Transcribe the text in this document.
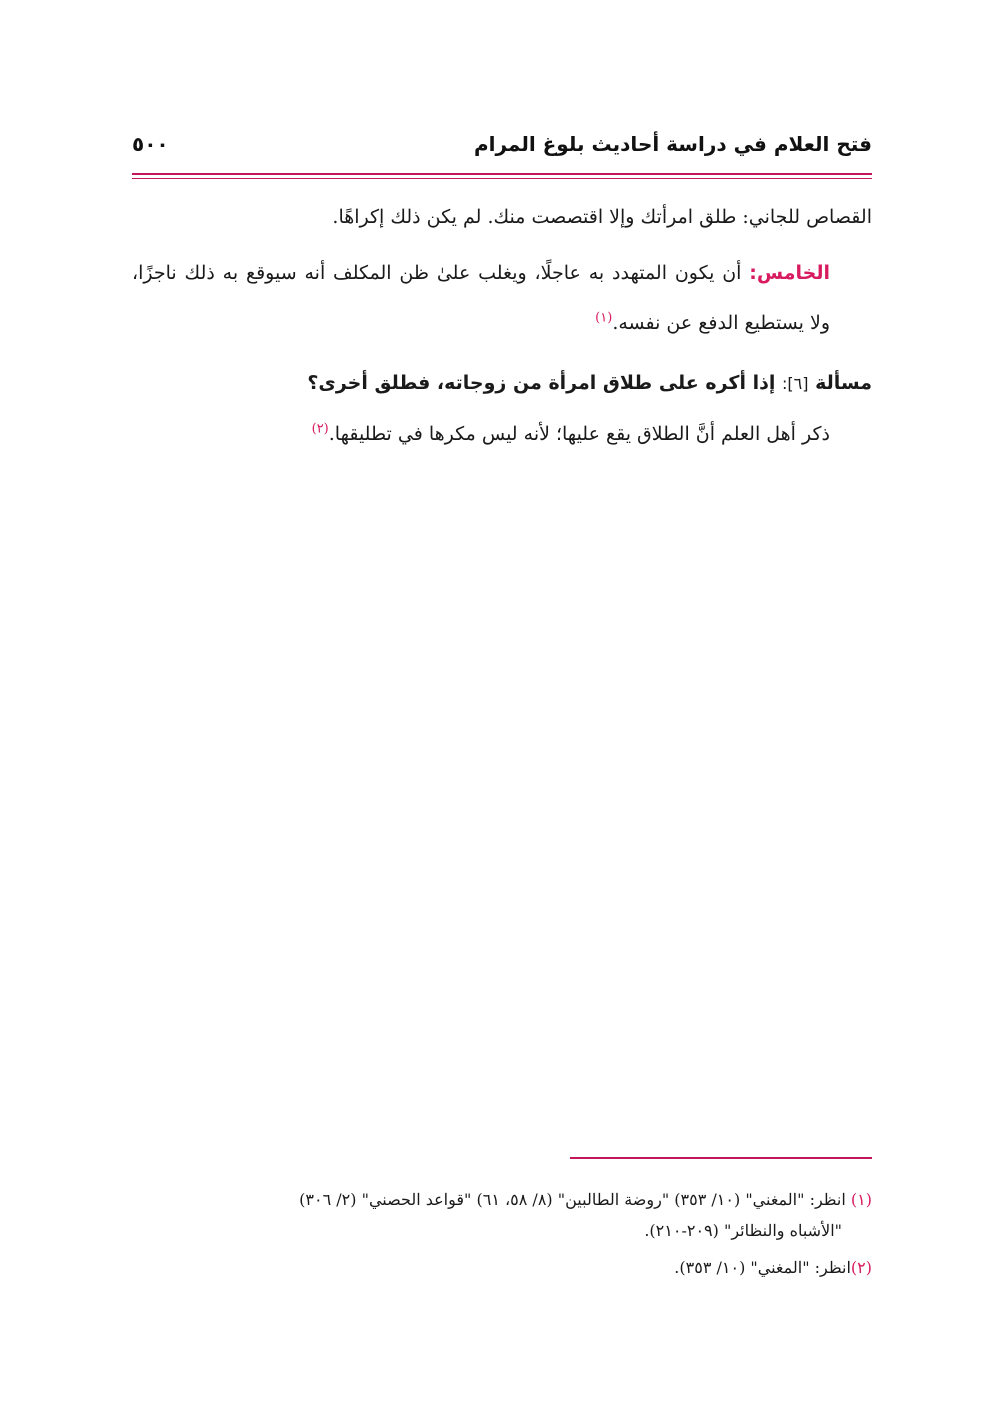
فتح العلام في دراسة أحاديث بلوغ المرام
٥٠٠

القصاص للجاني: طلق امرأتك وإلا اقتصصت منك. لم يكن ذلك إكراهًا.

الخامس: أن يكون المتهدد به عاجلًا، ويغلب علىٰ ظن المكلف أنه سيوقع به ذلك ناجزًا، ولا يستطيع الدفع عن نفسه.$^{(١)}$

مسألة [٦]: إذا أكره على طلاق امرأة من زوجاته، فطلق أخرى؟

ذكر أهل العلم أنَّ الطلاق يقع عليها؛ لأنه ليس مكرها في تطليقها.$^{(٢)}$

(١) انظر: "المغني" (١٠/ ٣٥٣) "روضة الطالبين" (٨/ ٥٨، ٦١) "قواعد الحصني" (٢/ ٣٠٦)

"الأشباه والنظائر" (٢٠٩-٢١٠).

(٢)انظر: "المغني" (١٠/ ٣٥٣).
